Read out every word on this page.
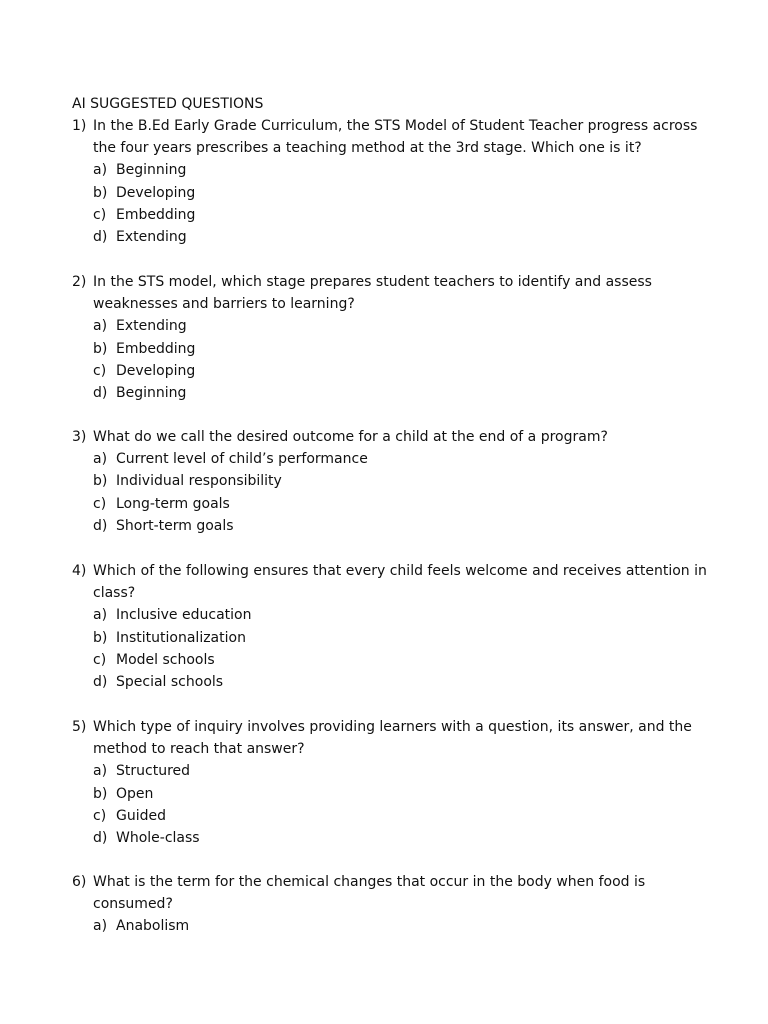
AI SUGGESTED QUESTIONS
1) In the B.Ed Early Grade Curriculum, the STS Model of Student Teacher progress across the four years prescribes a teaching method at the 3rd stage. Which one is it?
a) Beginning
b) Developing
c) Embedding
d) Extending
2) In the STS model, which stage prepares student teachers to identify and assess weaknesses and barriers to learning?
a) Extending
b) Embedding
c) Developing
d) Beginning
3) What do we call the desired outcome for a child at the end of a program?
a) Current level of child’s performance
b) Individual responsibility
c) Long-term goals
d) Short-term goals
4) Which of the following ensures that every child feels welcome and receives attention in class?
a) Inclusive education
b) Institutionalization
c) Model schools
d) Special schools
5) Which type of inquiry involves providing learners with a question, its answer, and the method to reach that answer?
a) Structured
b) Open
c) Guided
d) Whole-class
6) What is the term for the chemical changes that occur in the body when food is consumed?
a) Anabolism
